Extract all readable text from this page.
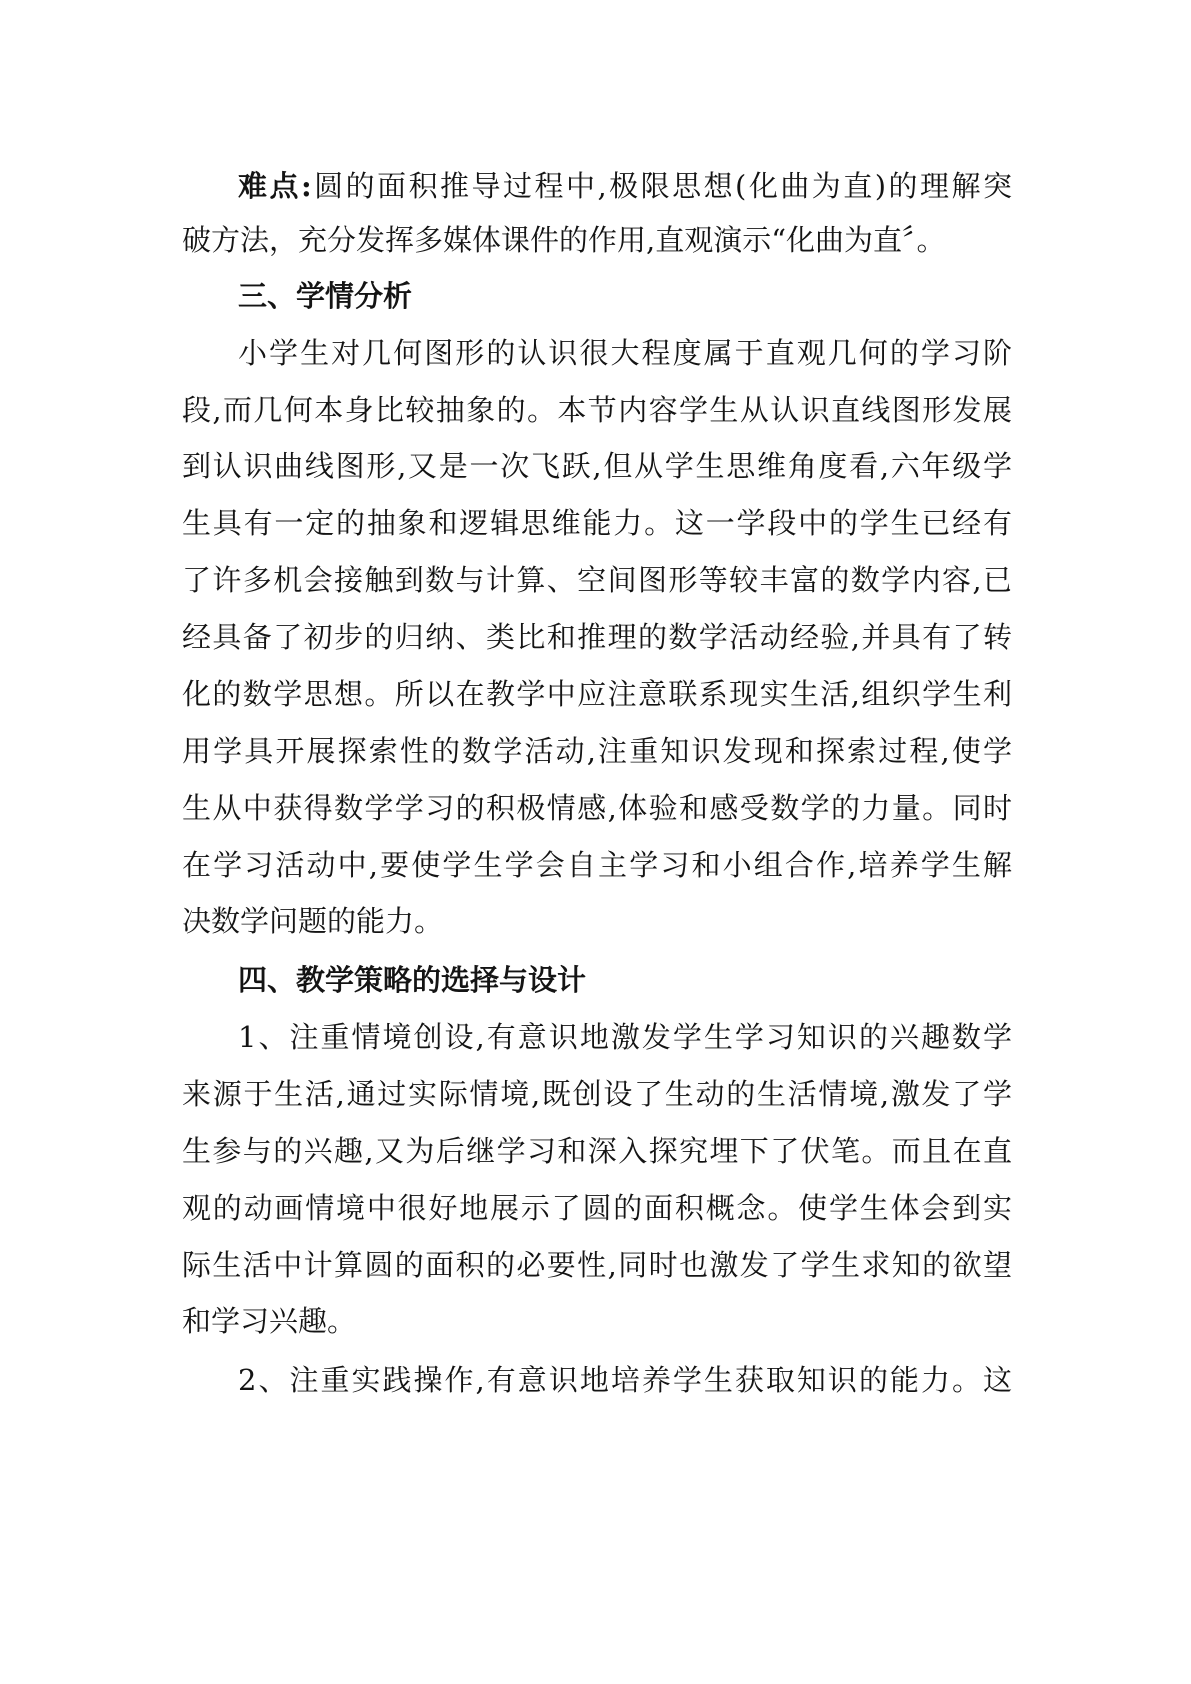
难点:圆的面积推导过程中,极限思想(化曲为直)的理解突
破方法，充分发挥多媒体课件的作用,直观演示“化曲为直〞。
三、学情分析
小学生对几何图形的认识很大程度属于直观几何的学习阶
段,而几何本身比较抽象的。本节内容学生从认识直线图形发展
到认识曲线图形,又是一次飞跃,但从学生思维角度看,六年级学
生具有一定的抽象和逻辑思维能力。这一学段中的学生已经有
了许多机会接触到数与计算、空间图形等较丰富的数学内容,已
经具备了初步的归纳、类比和推理的数学活动经验,并具有了转
化的数学思想。所以在教学中应注意联系现实生活,组织学生利
用学具开展探索性的数学活动,注重知识发现和探索过程,使学
生从中获得数学学习的积极情感,体验和感受数学的力量。同时
在学习活动中,要使学生学会自主学习和小组合作,培养学生解
决数学问题的能力。
四、教学策略的选择与设计
1、注重情境创设,有意识地激发学生学习知识的兴趣数学
来源于生活,通过实际情境,既创设了生动的生活情境,激发了学
生参与的兴趣,又为后继学习和深入探究埋下了伏笔。而且在直
观的动画情境中很好地展示了圆的面积概念。使学生体会到实
际生活中计算圆的面积的必要性,同时也激发了学生求知的欲望
和学习兴趣。
2、注重实践操作,有意识地培养学生获取知识的能力。这
